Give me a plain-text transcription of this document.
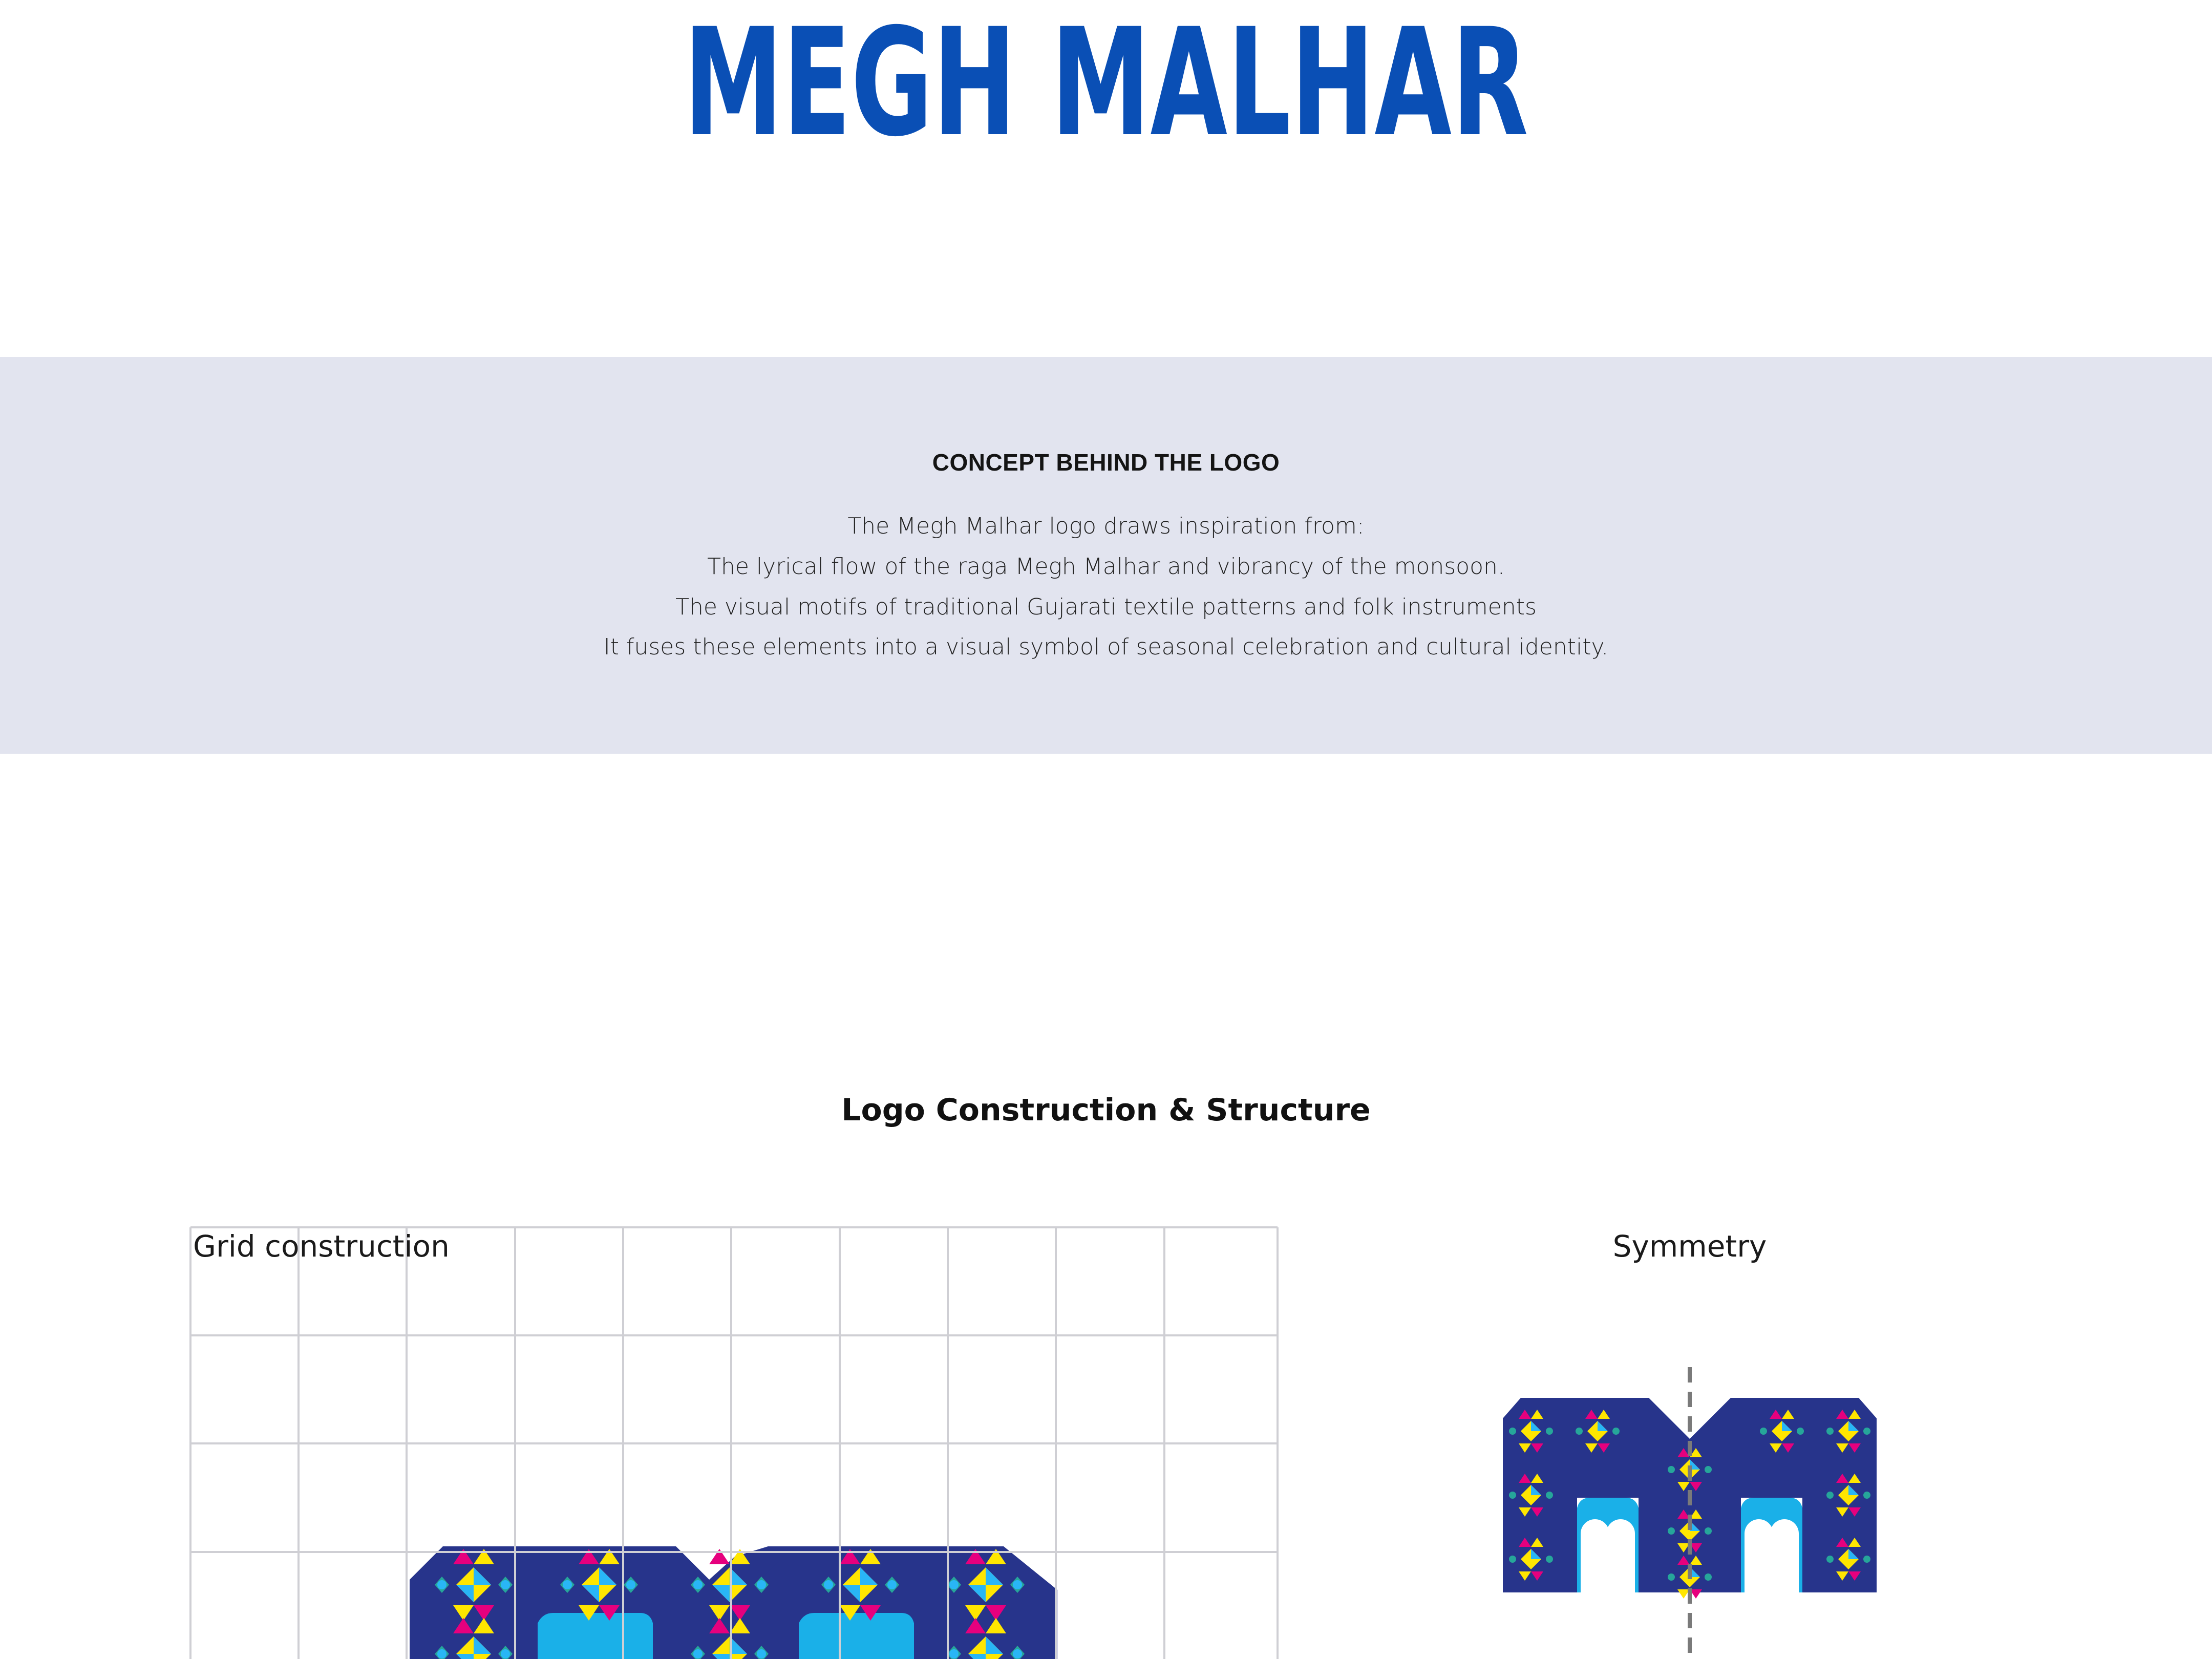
MEGH MALHAR
CONCEPT BEHIND THE LOGO
The Megh Malhar logo draws inspiration from:
The lyrical flow of the raga Megh Malhar and vibrancy of the monsoon.
The visual motifs of traditional Gujarati textile patterns and folk instruments
It fuses these elements into a visual symbol of seasonal celebration and cultural identity.
Logo Construction & Structure
Grid construction	Symmetry
